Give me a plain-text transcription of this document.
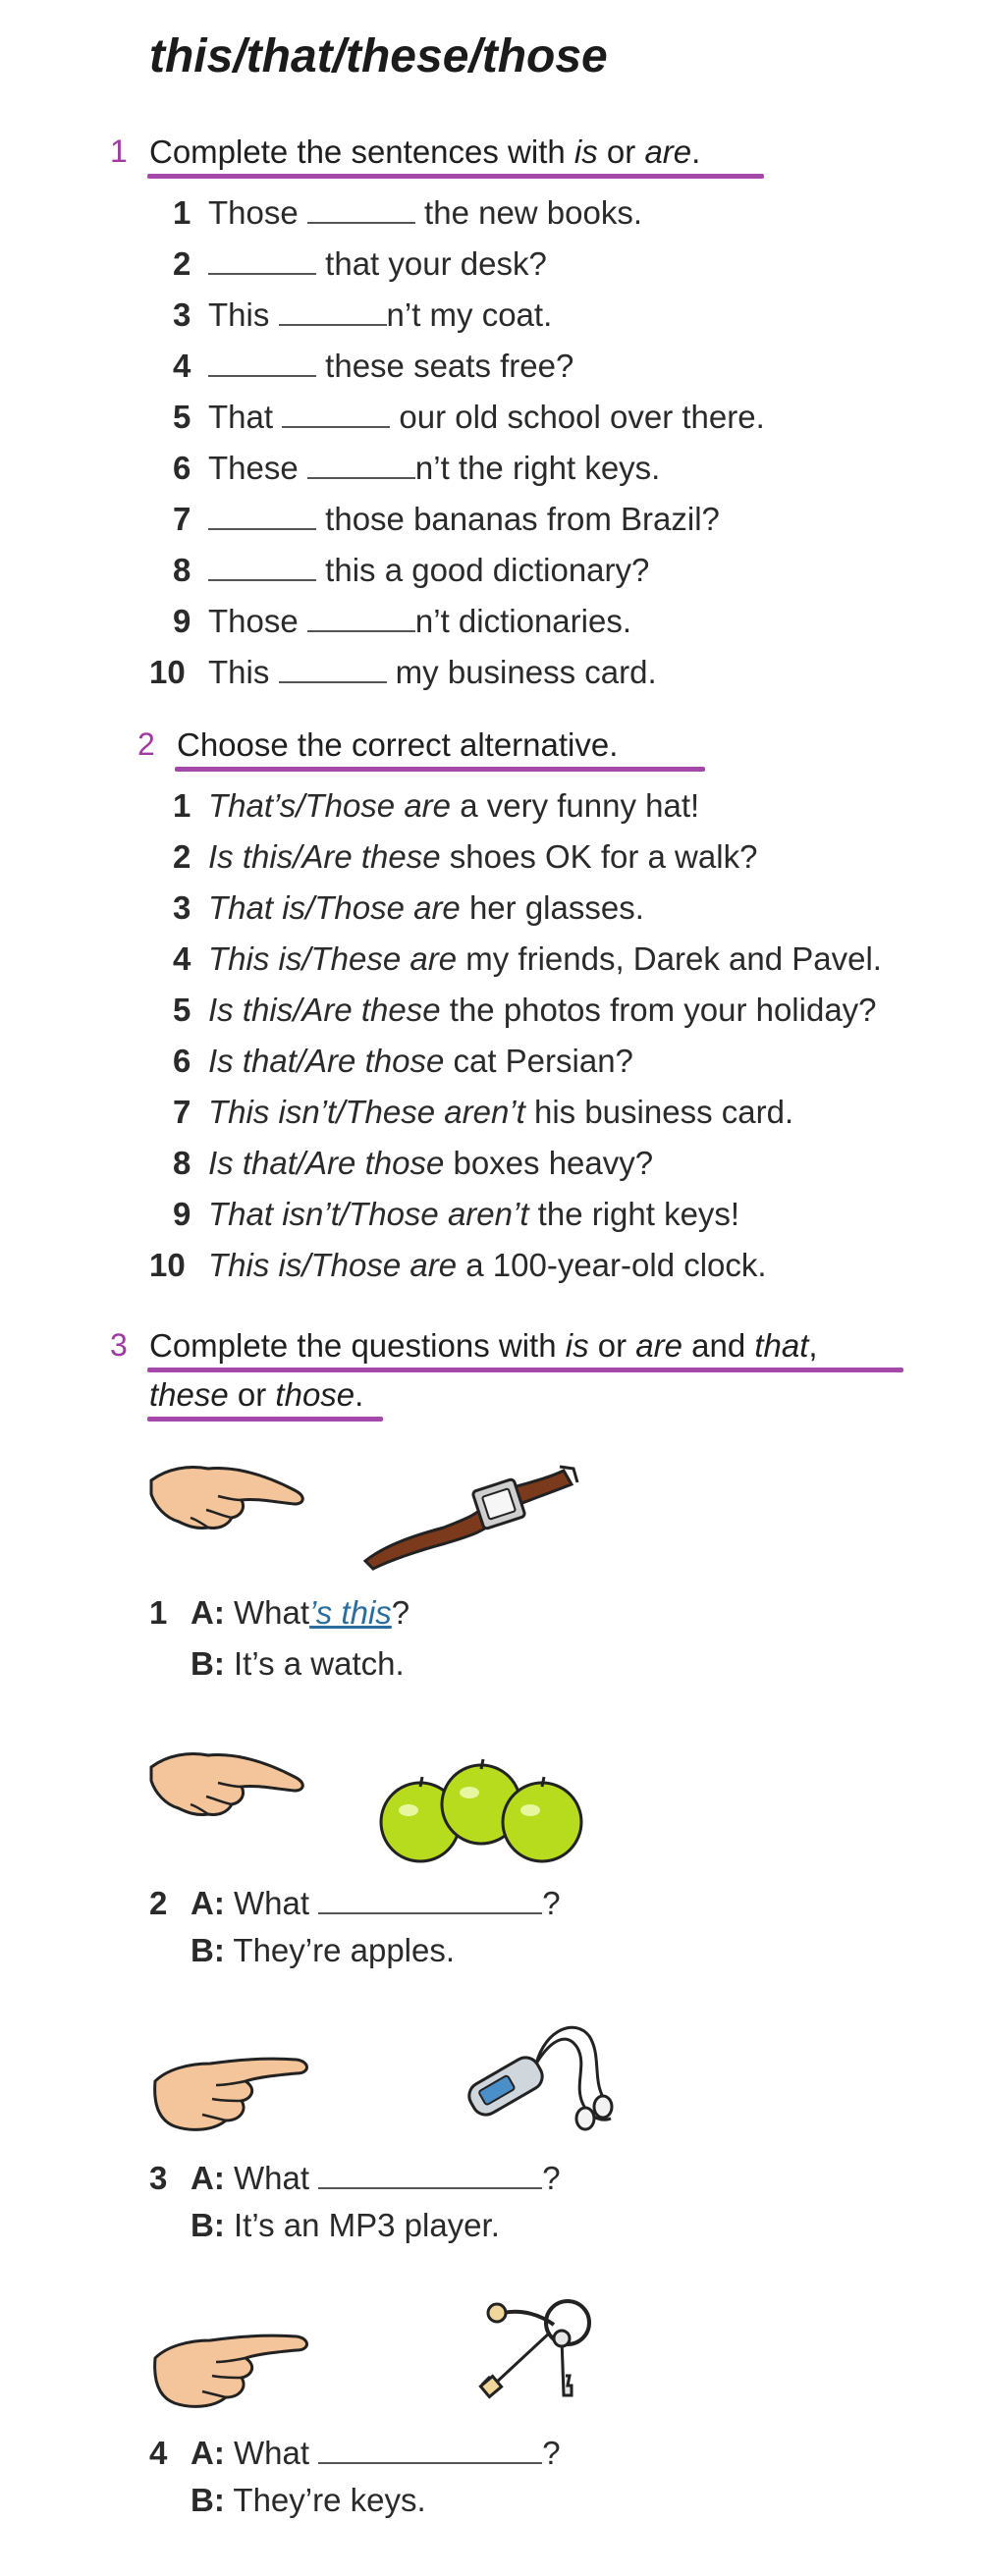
this/that/these/those
1 Complete the sentences with is or are.
1 Those	the new books.
2	that your desk?
3 This	n’t my coat.
4	these seats free?
5 That	our old school over there.
6 These	n’t the right keys.
7	those bananas from Brazil?
8	this a good dictionary?
9 Those	n’t dictionaries.
10 This	my business card.
2 Choose the correct alternative.
1 That’s/Those are a very funny hat!
2 Is this/Are these shoes OK for a walk?
3 That is/Those are her glasses.
4 This is/These are my friends, Darek and Pavel.
5 Is this/Are these the photos from your holiday?
6 Is that/Are those cat Persian?
7 This isn’t/These aren’t his business card.
8 Is that/Are those boxes heavy?
9 That isn’t/Those aren’t the right keys!
10 This is/Those are a 100-year-old clock.
3 Complete the questions with is or are and that,
these or those.
1 A: What’s this?
B: It’s a watch.
2 A: What	?
B: They’re apples.
3 A: What	?
B: It’s an MP3 player.
4 A: What	?
B: They’re keys.
